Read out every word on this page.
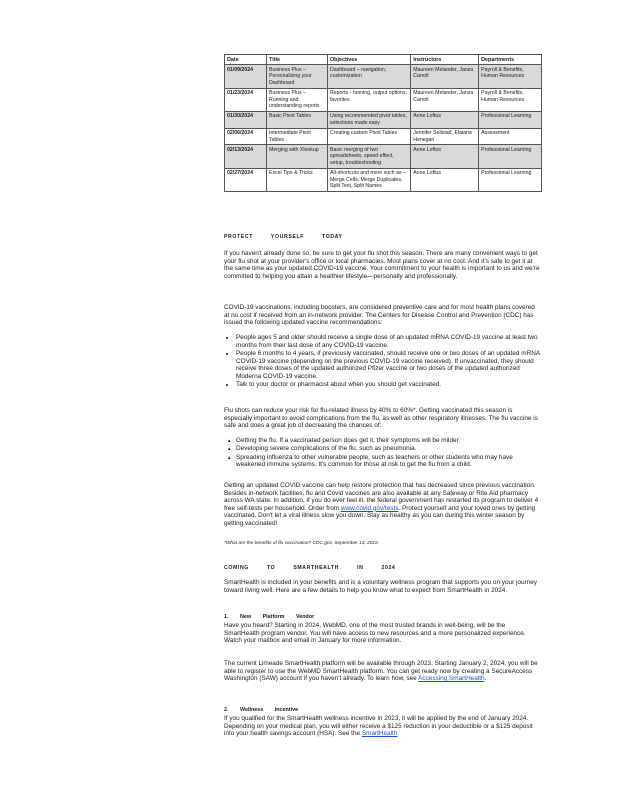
Date	Title	Objectives	Instructors	Departments
01/09/2024	Business Plus – Personalizing your Dashboard	Dashboard – navigation, customization	Maureen Melander, Janza Carroll	Payroll & Benefits, Human Resources
01/23/2024	Business Plus – Running and understanding reports	Reports - running, output options, favorites	Maureen Melander, Janza Carroll	Payroll & Benefits, Human Resources
01/30/2024	Basic Pivot Tables	Using recommended pivot tables, selections made easy	Anne Loftus	Professional Learning
02/06/2024	Intermediate Pivot Tables	Creating custom Pivot Tables	Jennifer Sellstad, Elaiana Henegan	Assessment
02/13/2024	Merging with Xlookup	Basic merging of two spreadsheets, speed effect, setup, troubleshooting	Anne Loftus	Professional Learning
02/27/2024	Excel Tips & Tricks	Alt-shortcuts and more such as – Merge Cells, Merge Duplicates, Split Text, Split Names	Anne Loftus	Professional Learning
PROTECT YOURSELF TODAY

If you haven't already done so, be sure to get your flu shot this season. There are many convenient ways to get your flu shot at your provider's office or local pharmacies. Most plans cover at no cost. And it's safe to get it at the same time as your updated COVID-19 vaccine. Your commitment to your health is important to us and we're committed to helping you attain a healthier lifestyle—personally and professionally.

COVID-19 vaccinations, including boosters, are considered preventive care and for most health plans covered at no cost if received from an in-network provider. The Centers for Disease Control and Prevention (CDC) has issued the following updated vaccine recommendations:

• People ages 5 and older should receive a single dose of an updated mRNA COVID-19 vaccine at least two months from their last dose of any COVID-19 vaccine.
• People 6 months to 4 years, if previously vaccinated, should receive one or two doses of an updated mRNA COVID-19 vaccine (depending on the previous COVID-19 vaccine received). If unvaccinated, they should receive three doses of the updated authorized Pfizer vaccine or two doses of the updated authorized Moderna COVID-19 vaccine.
• Talk to your doctor or pharmacist about when you should get vaccinated.

Flu shots can reduce your risk for flu-related illness by 40% to 60%*. Getting vaccinated this season is especially important to avoid complications from the flu, as well as other respiratory illnesses. The flu vaccine is safe and does a great job of decreasing the chances of:

▲ Getting the flu. If a vaccinated person does get it, their symptoms will be milder.
▲ Developing severe complications of the flu, such as pneumonia.
▲ Spreading influenza to other vulnerable people, such as teachers or other students who may have weakened immune systems. It's common for those at risk to get the flu from a child.

Getting an updated COVID vaccine can help restore protection that has decreased since previous vaccination. Besides in-network facilities, flu and Covid vaccines are also available at any Safeway or Rite Aid pharmacy across WA state. In addition, if you do ever feel ill, the federal government has restarted its program to deliver 4 free self-tests per household. Order from www.covid.gov/tests. Protect yourself and your loved ones by getting vaccinated. Don't let a viral illness slow you down. Stay as healthy as you can during this winter season by getting vaccinated!

*What are the benefits of flu vaccination? CDC.gov, September 13, 2022.

COMING TO SMARTHEALTH IN 2024

SmartHealth is included in your benefits and is a voluntary wellness program that supports you on your journey toward living well. Here are a few details to help you know what to expect from SmartHealth in 2024.

1. New Platform Vendor

Have you heard? Starting in 2024, WebMD, one of the most trusted brands in well-being, will be the SmartHealth program vendor. You will have access to new resources and a more personalized experience. Watch your mailbox and email in January for more information.

The current Limeade SmartHealth platform will be available through 2023. Starting January 2, 2024, you will be able to register to use the WebMD SmartHealth platform. You can get ready now by creating a SecureAccess Washington (SAW) account if you haven't already. To learn how, see Accessing SmartHealth.

2. Wellness Incentive

If you qualified for the SmartHealth wellness incentive in 2023, it will be applied by the end of January 2024. Depending on your medical plan, you will either receive a $125 reduction in your deductible or a $125 deposit into your health savings account (HSA). See the SmartHealth
